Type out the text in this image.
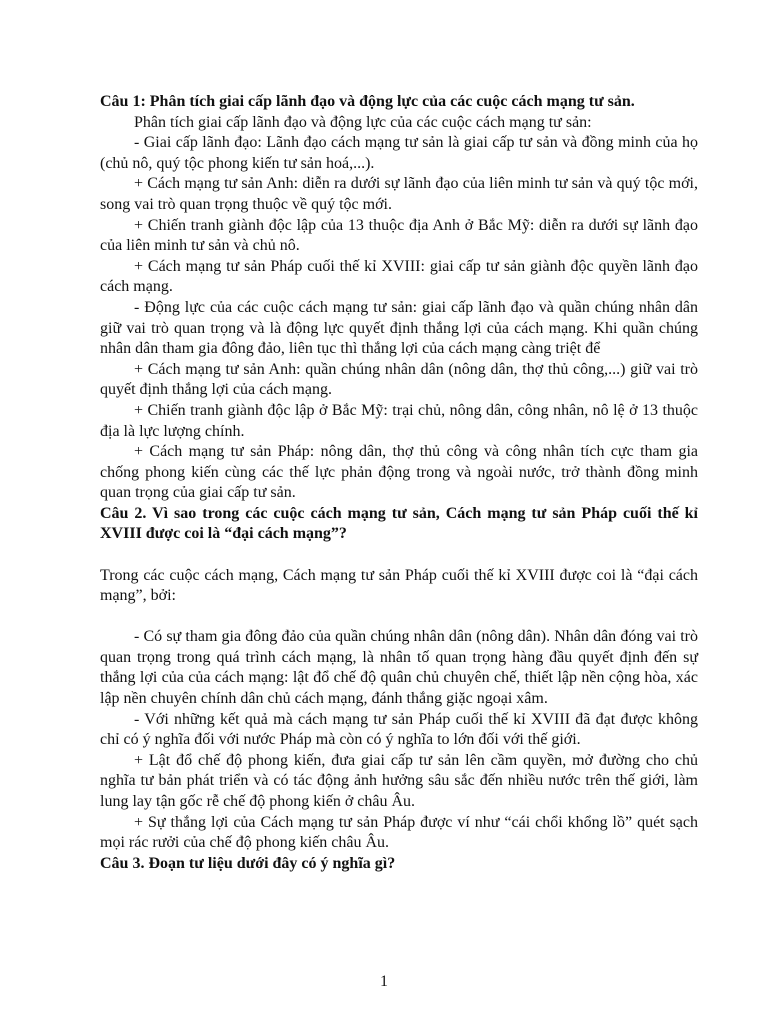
Câu 1: Phân tích giai cấp lãnh đạo và động lực của các cuộc cách mạng tư sản.

Phân tích giai cấp lãnh đạo và động lực của các cuộc cách mạng tư sản:

- Giai cấp lãnh đạo: Lãnh đạo cách mạng tư sản là giai cấp tư sản và đồng minh của họ (chủ nô, quý tộc phong kiến tư sản hoá,...).

+ Cách mạng tư sản Anh: diễn ra dưới sự lãnh đạo của liên minh tư sản và quý tộc mới, song vai trò quan trọng thuộc về quý tộc mới.

+ Chiến tranh giành độc lập của 13 thuộc địa Anh ở Bắc Mỹ: diễn ra dưới sự lãnh đạo của liên minh tư sản và chủ nô.

+ Cách mạng tư sản Pháp cuối thế kỉ XVIII: giai cấp tư sản giành độc quyền lãnh đạo cách mạng.

- Động lực của các cuộc cách mạng tư sản: giai cấp lãnh đạo và quần chúng nhân dân giữ vai trò quan trọng và là động lực quyết định thắng lợi của cách mạng. Khi quần chúng nhân dân tham gia đông đảo, liên tục thì thắng lợi của cách mạng càng triệt để

+ Cách mạng tư sản Anh: quần chúng nhân dân (nông dân, thợ thủ công,...) giữ vai trò quyết định thắng lợi của cách mạng.

+ Chiến tranh giành độc lập ở Bắc Mỹ: trại chủ, nông dân, công nhân, nô lệ ở 13 thuộc địa là lực lượng chính.

+ Cách mạng tư sản Pháp: nông dân, thợ thủ công và công nhân tích cực tham gia chống phong kiến cùng các thế lực phản động trong và ngoài nước, trở thành đồng minh quan trọng của giai cấp tư sản.

Câu 2. Vì sao trong các cuộc cách mạng tư sản, Cách mạng tư sản Pháp cuối thế kỉ XVIII được coi là “đại cách mạng”?

Trong các cuộc cách mạng, Cách mạng tư sản Pháp cuối thế kỉ XVIII được coi là “đại cách mạng”, bởi:

- Có sự tham gia đông đảo của quần chúng nhân dân (nông dân). Nhân dân đóng vai trò quan trọng trong quá trình cách mạng, là nhân tố quan trọng hàng đầu quyết định đến sự thắng lợi của của cách mạng: lật đổ chế độ quân chủ chuyên chế, thiết lập nền cộng hòa, xác lập nền chuyên chính dân chủ cách mạng, đánh thắng giặc ngoại xâm.

- Với những kết quả mà cách mạng tư sản Pháp cuối thế kỉ XVIII đã đạt được không chỉ có ý nghĩa đối với nước Pháp mà còn có ý nghĩa to lớn đối với thế giới.

+ Lật đổ chế độ phong kiến, đưa giai cấp tư sản lên cầm quyền, mở đường cho chủ nghĩa tư bản phát triển và có tác động ảnh hưởng sâu sắc đến nhiều nước trên thế giới, làm lung lay tận gốc rễ chế độ phong kiến ở châu Âu.

+ Sự thắng lợi của Cách mạng tư sản Pháp được ví như “cái chổi khổng lồ” quét sạch mọi rác rưởi của chế độ phong kiến châu Âu.

Câu 3. Đoạn tư liệu dưới đây có ý nghĩa gì?

1
